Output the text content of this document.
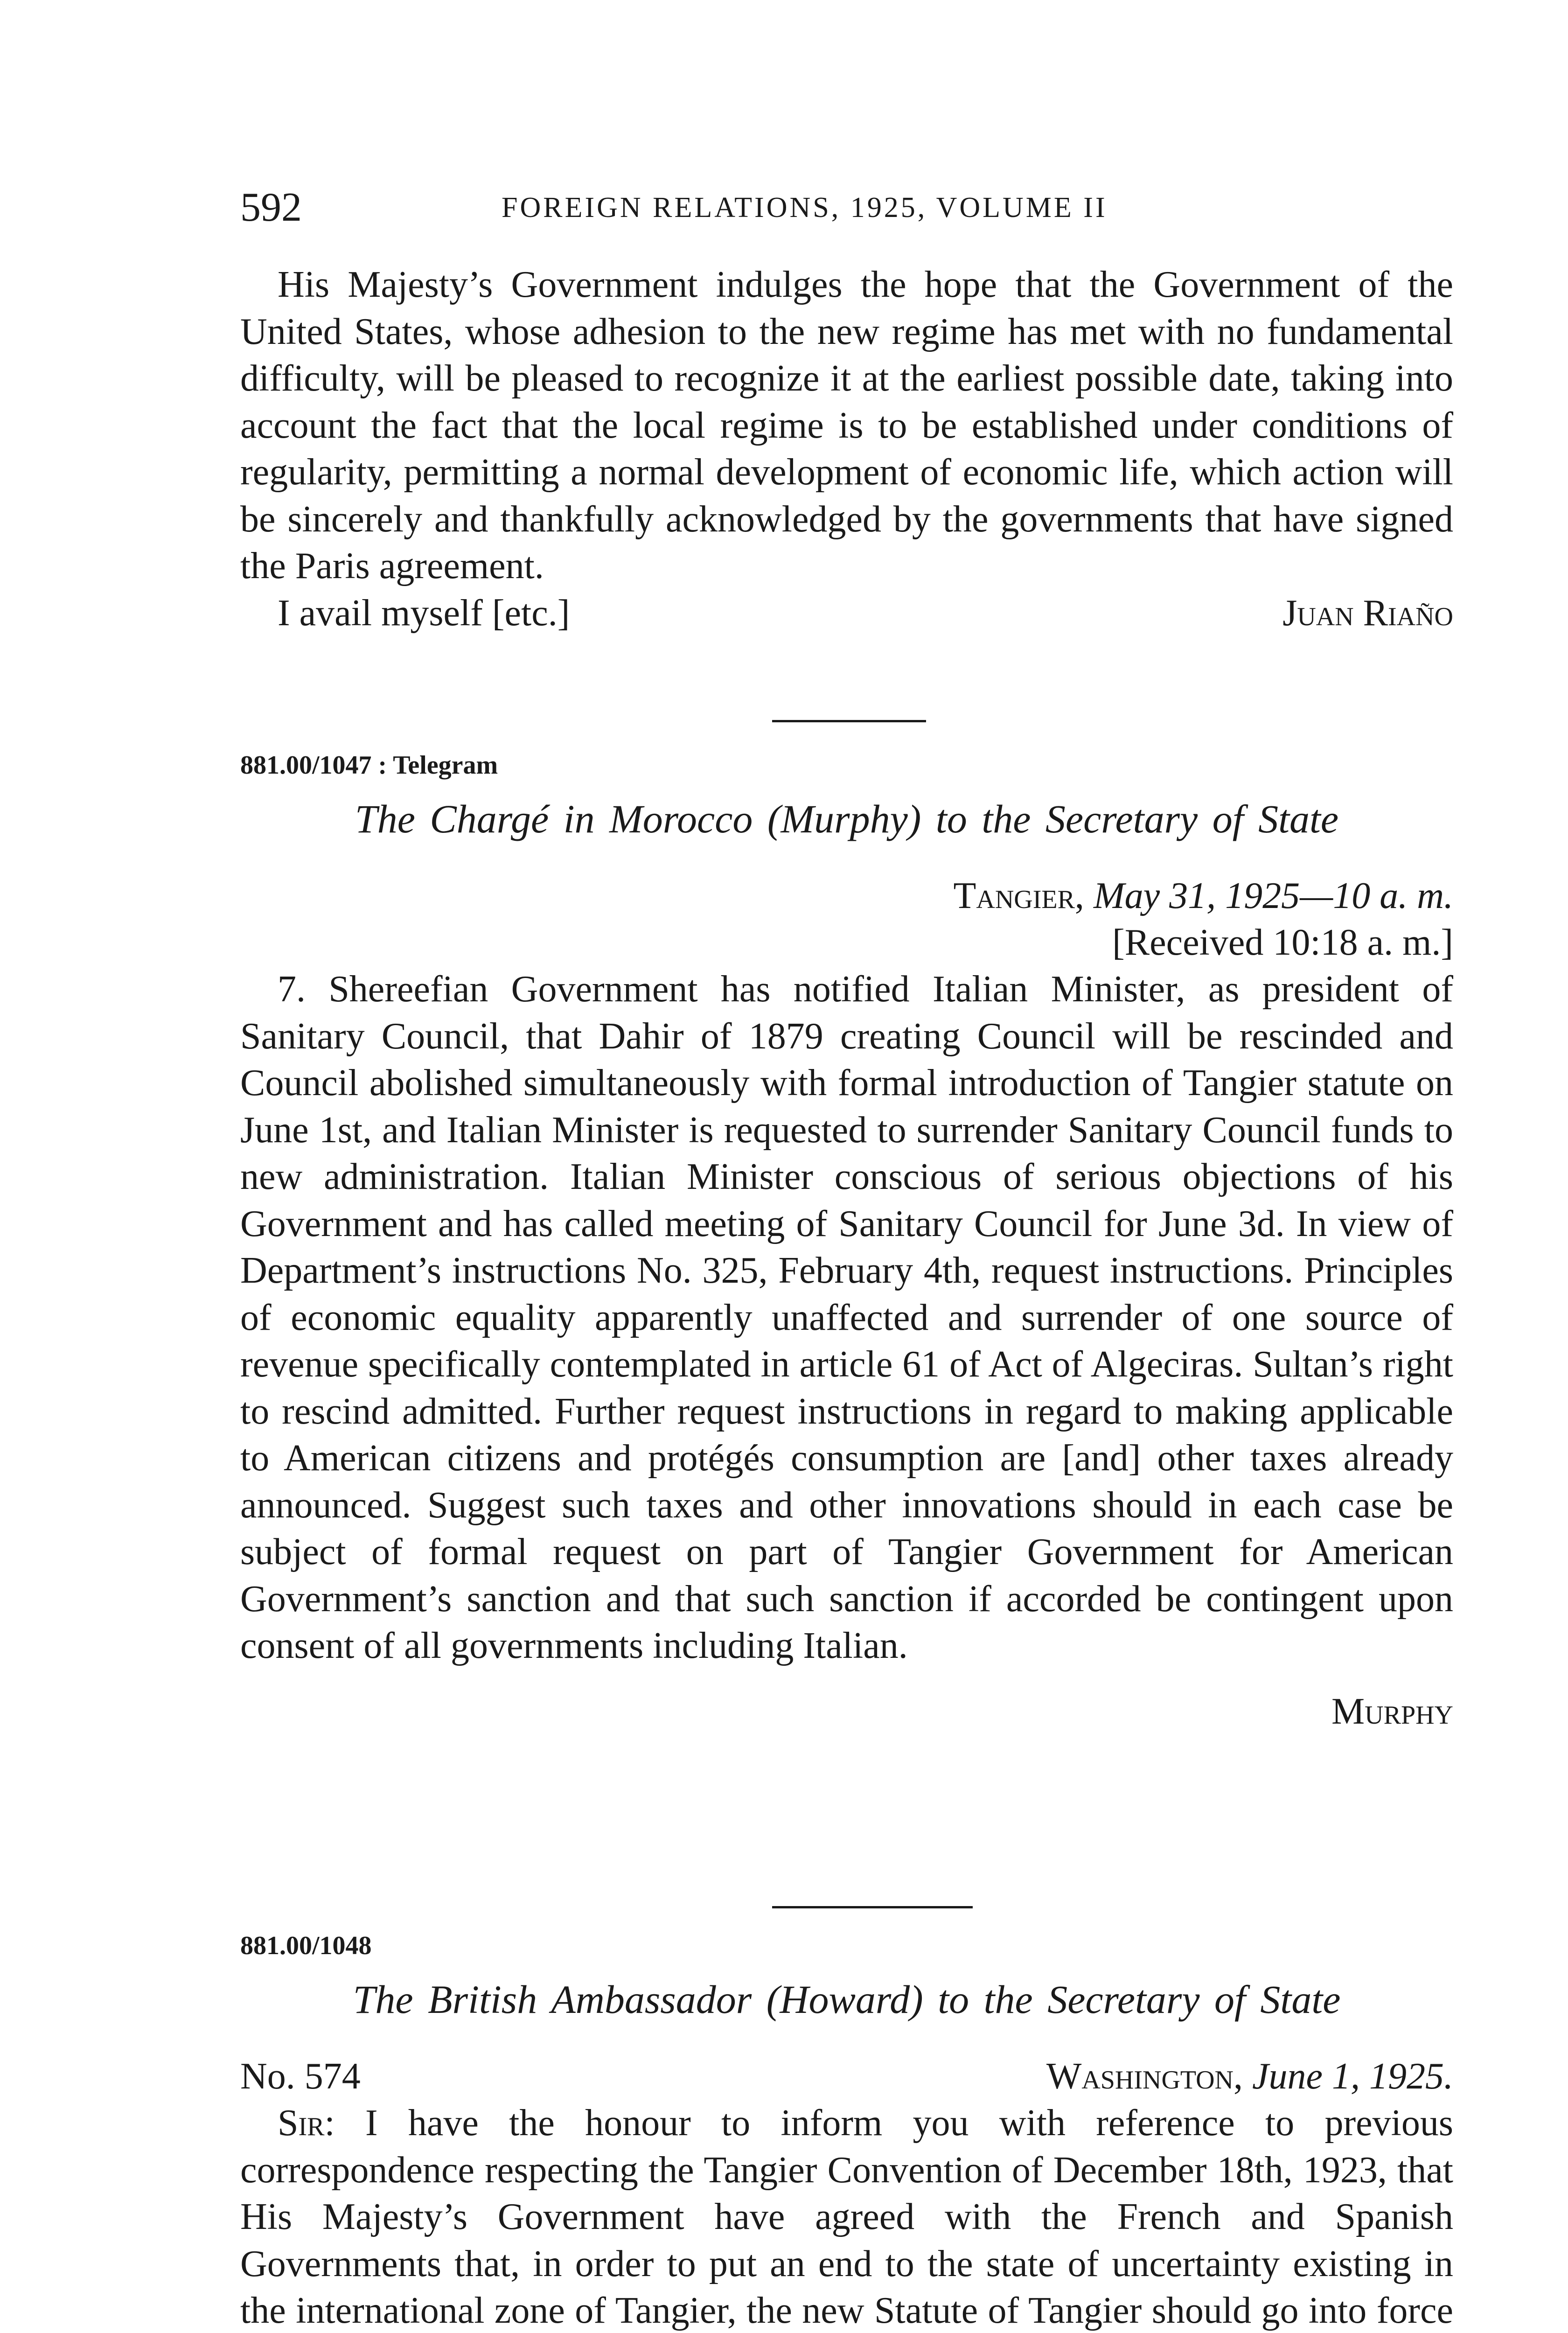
592	FOREIGN RELATIONS, 1925, VOLUME II

His Majesty’s Government indulges the hope that the Government of the United States, whose adhesion to the new regime has met with no fundamental difficulty, will be pleased to recognize it at the earliest possible date, taking into account the fact that the local regime is to be established under conditions of regularity, permitting a normal development of economic life, which action will be sincerely and thankfully acknowledged by the governments that have signed the Paris agreement.

I avail myself [etc.]	Juan Riaño
881.00/1047 : Telegram
The Chargé in Morocco (Murphy) to the Secretary of State
Tangier, May 31, 1925—10 a. m.
[Received 10:18 a. m.]

7. Shereefian Government has notified Italian Minister, as president of Sanitary Council, that Dahir of 1879 creating Council will be rescinded and Council abolished simultaneously with formal introduction of Tangier statute on June 1st, and Italian Minister is requested to surrender Sanitary Council funds to new administration. Italian Minister conscious of serious objections of his Government and has called meeting of Sanitary Council for June 3d. In view of Department’s instructions No. 325, February 4th, request instructions. Principles of economic equality apparently unaffected and surrender of one source of revenue specifically contemplated in article 61 of Act of Algeciras. Sultan’s right to rescind admitted. Further request instructions in regard to making applicable to American citizens and protégés consumption are [and] other taxes already announced. Suggest such taxes and other innovations should in each case be subject of formal request on part of Tangier Government for American Government’s sanction and that such sanction if accorded be contingent upon consent of all governments including Italian.

Murphy
881.00/1048
The British Ambassador (Howard) to the Secretary of State
No. 574	Washington, June 1, 1925.

Sir: I have the honour to inform you with reference to previous correspondence respecting the Tangier Convention of December 18th, 1923, that His Majesty’s Government have agreed with the French and Spanish Governments that, in order to put an end to the state of uncertainty existing in the international zone of Tangier, the new Statute of Tangier should go into force
